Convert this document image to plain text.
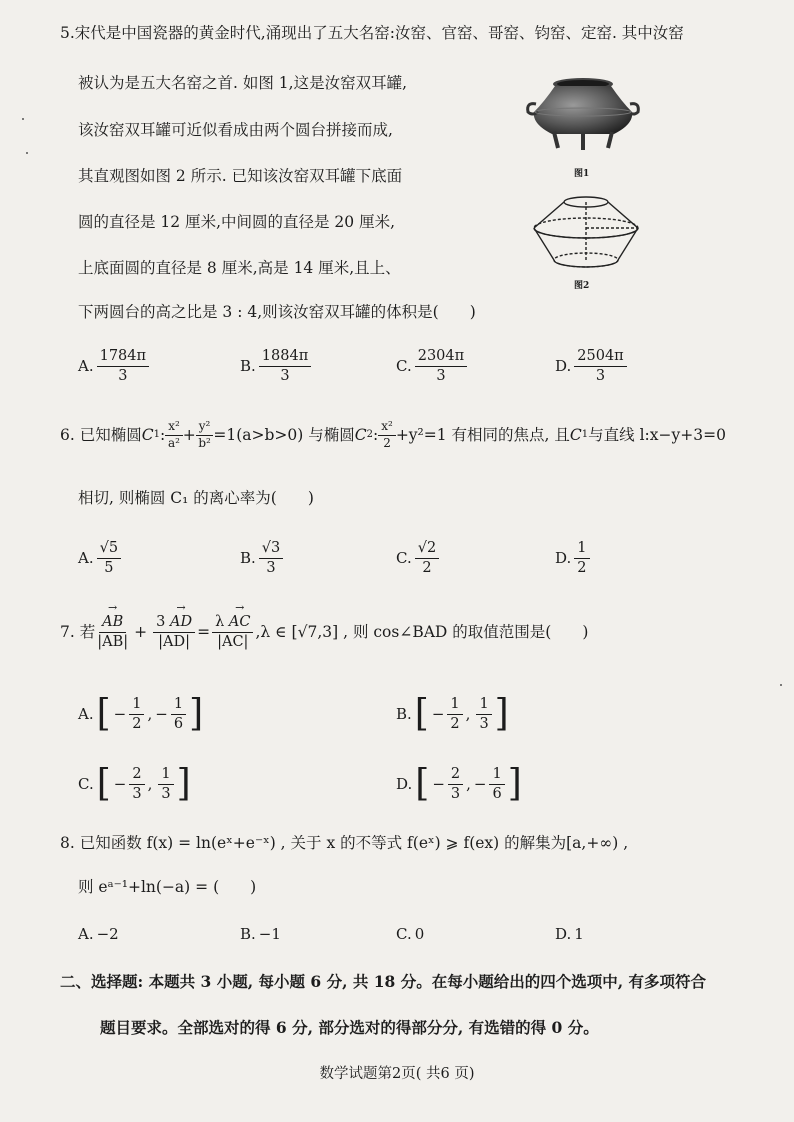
5.宋代是中国瓷器的黄金时代,涌现出了五大名窑:汝窑、官窑、哥窑、钧窑、定窑. 其中汝窑
被认为是五大名窑之首. 如图 1,这是汝窑双耳罐,
该汝窑双耳罐可近似看成由两个圆台拼接而成,
其直观图如图 2 所示. 已知该汝窑双耳罐下底面
圆的直径是 12 厘米,中间圆的直径是 20 厘米,
上底面圆的直径是 8 厘米,高是 14 厘米,且上、
下两圆台的高之比是 3 : 4,则该汝窑双耳罐的体积是(　　)
图1
图2
A. $\frac{1784\pi}{3}$	B. $\frac{1884\pi}{3}$	C. $\frac{2304\pi}{3}$	D. $\frac{2504\pi}{3}$
6. 已知椭圆 C 1 : $\frac{\text{x²}}{\text{a²}} + \frac{\text{y²}}{\text{b²}} =1(a>b>0)$ 与椭圆 C 2 : $\frac{\text{x²}}{2} +y^2=1$ 有相同的焦点, 且 C 1 与直线 l:x−y+3=0
相切, 则椭圆 C₁ 的离心率为(　　)
A. $\frac{√5}{5}$	B. $\frac{√3}{3}$	C. $\frac{√2}{2}$	D. $\frac{1}{2}$
7. 若
→ $\frac{AB}{|AB|} + \frac{3 \to AD}{|AD|} = \frac{\lambda \to AC}{|AC|} ,\lambda$ ∈ [√7,3] , 则 cos∠BAD 的取值范围是(　　)
A. [ − $\frac{1}{2}$ , − $\frac{1}{6}$ ]	B. [ − $\frac{1}{2}$ , $\frac{1}{3}$ ]
C. [ − $\frac{2}{3}$ , $\frac{1}{3}$ ]	D. [ − $\frac{2}{3}$ , − $\frac{1}{6}$ ]
8. 已知函数 f(x) = ln(eˣ+e⁻ˣ) , 关于 x 的不等式 f(eˣ) ⩾ f(ex) 的解集为[a,+∞) ,
则 eᵃ⁻¹+ln(−a) = (　　)
A. −2	B. −1	C. 0	D. 1
二、选择题: 本题共 3 小题, 每小题 6 分, 共 18 分。在每小题给出的四个选项中, 有多项符合
题目要求。全部选对的得 6 分, 部分选对的得部分分, 有选错的得 0 分。
数学试题第2页( 共6 页)
